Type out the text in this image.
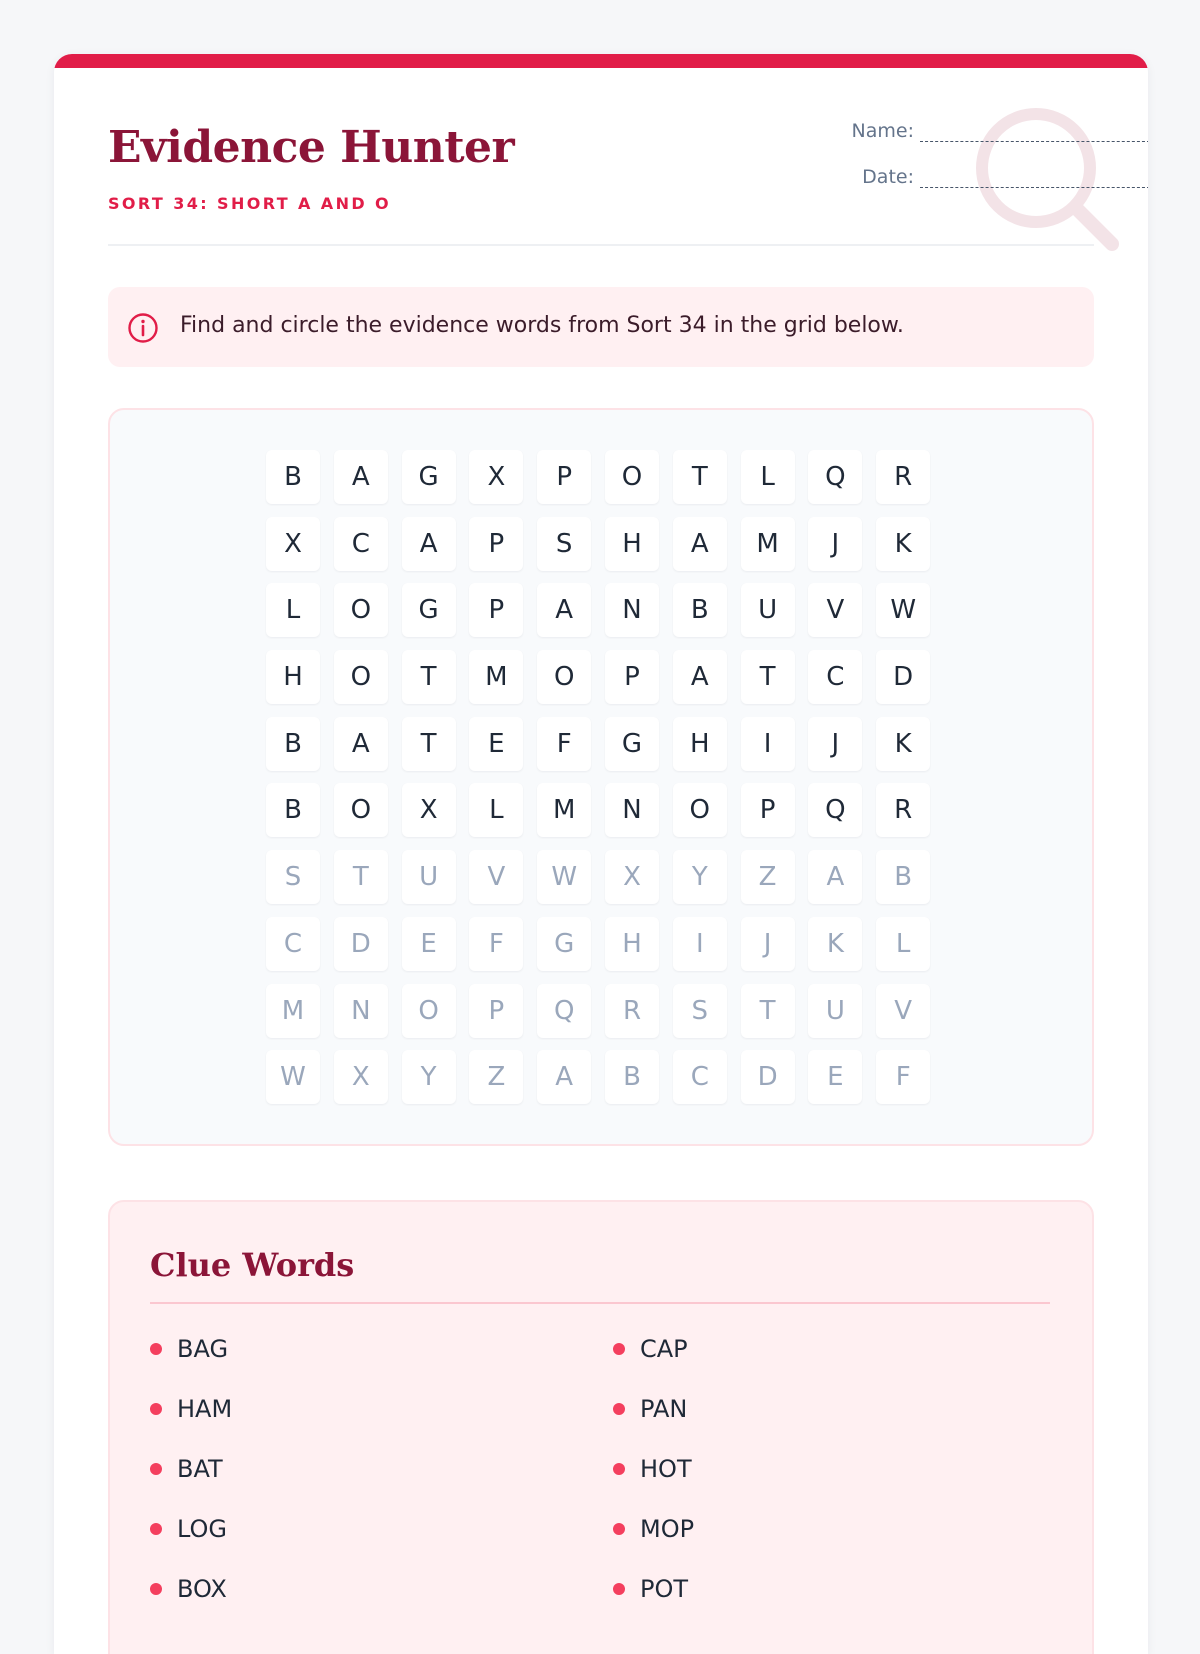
Evidence Hunter
SORT 34: SHORT A AND O
Name:
Date:
Find and circle the evidence words from Sort 34 in the grid below.
B	A	G	X	P	O	T	L	Q	R
X	C	A	P	S	H	A	M	J	K
L	O	G	P	A	N	B	U	V	W
H	O	T	M	O	P	A	T	C	D
B	A	T	E	F	G	H	I	J	K
B	O	X	L	M	N	O	P	Q	R
S	T	U	V	W	X	Y	Z	A	B
C	D	E	F	G	H	I	J	K	L
M	N	O	P	Q	R	S	T	U	V
W	X	Y	Z	A	B	C	D	E	F
Clue Words
BAG	CAP
HAM	PAN
BAT	HOT
LOG	MOP
BOX	POT
